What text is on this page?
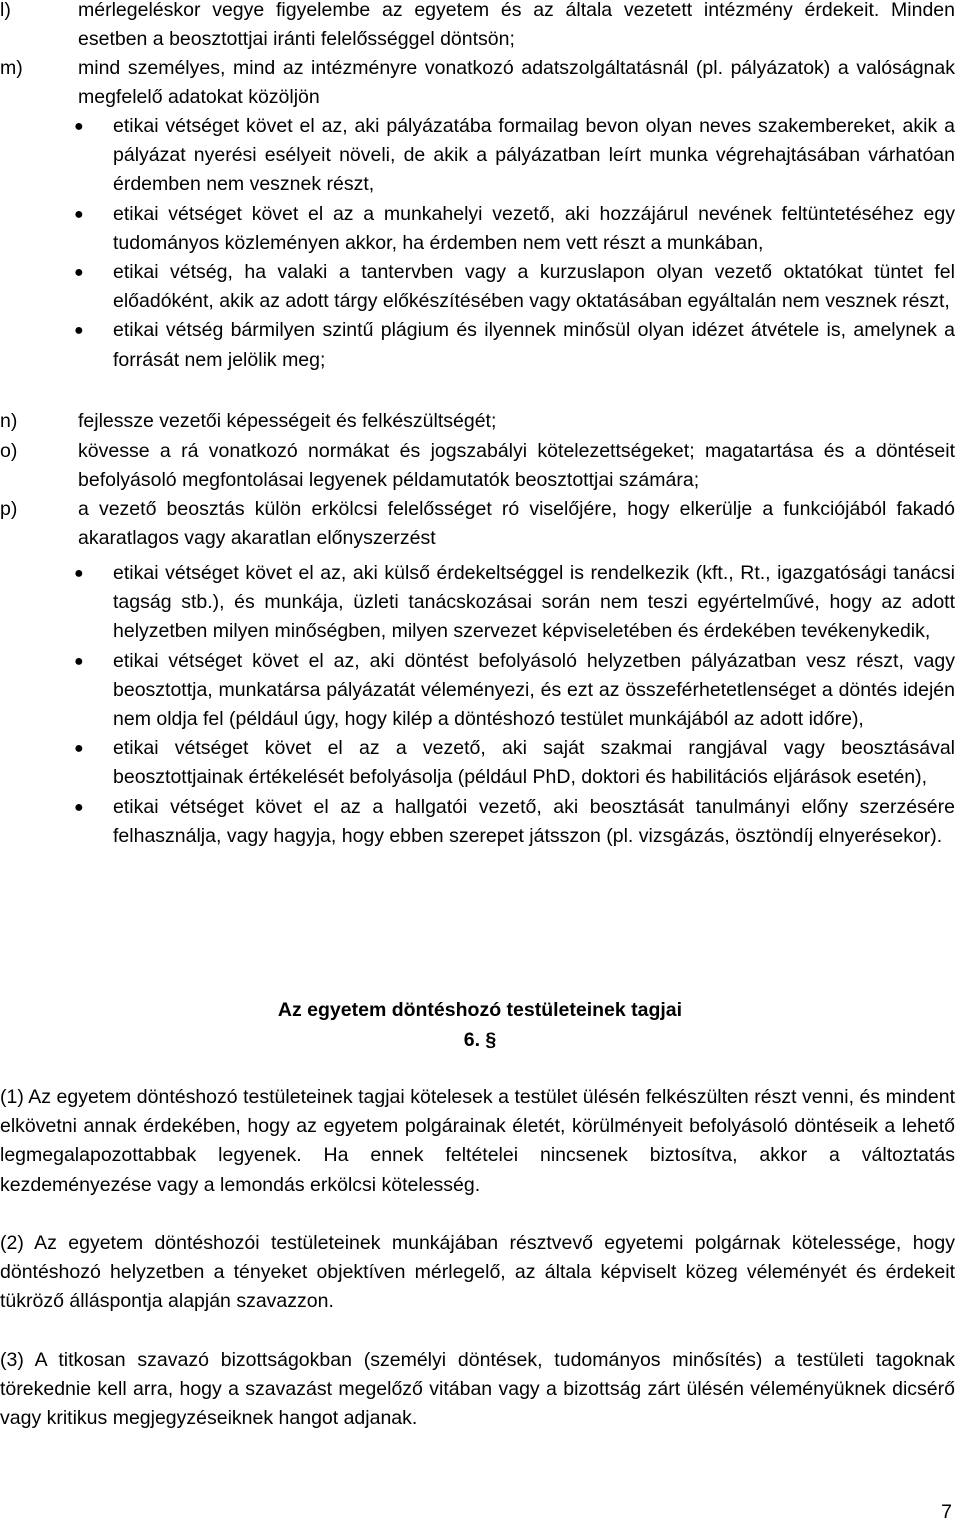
l)	mérlegeléskor vegye figyelembe az egyetem és az általa vezetett intézmény érdekeit. Minden esetben a beosztottjai iránti felelősséggel döntsön;
m)	mind személyes, mind az intézményre vonatkozó adatszolgáltatásnál (pl. pályázatok) a valóságnak megfelelő adatokat közöljön
● etikai vétséget követ el az, aki pályázatába formailag bevon olyan neves szakembereket, akik a pályázat nyerési esélyeit növeli, de akik a pályázatban leírt munka végrehajtásában várhatóan érdemben nem vesznek részt,
● etikai vétséget követ el az a munkahelyi vezető, aki hozzájárul nevének feltüntetéséhez egy tudományos közleményen akkor, ha érdemben nem vett részt a munkában,
● etikai vétség, ha valaki a tantervben vagy a kurzuslapon olyan vezető oktatókat tüntet fel előadóként, akik az adott tárgy előkészítésében vagy oktatásában egyáltalán nem vesznek részt,
● etikai vétség bármilyen szintű plágium és ilyennek minősül olyan idézet átvétele is, amelynek a forrását nem jelölik meg;
n)	fejlessze vezetői képességeit és felkészültségét;
o)	kövesse a rá vonatkozó normákat és jogszabályi kötelezettségeket; magatartása és a döntéseit befolyásoló megfontolásai legyenek példamutatók beosztottjai számára;
p)	a vezető beosztás külön erkölcsi felelősséget ró viselőjére, hogy elkerülje a funkciójából fakadó akaratlagos vagy akaratlan előnyszerzést
● etikai vétséget követ el az, aki külső érdekeltséggel is rendelkezik (kft., Rt., igazgatósági tanácsi tagság stb.), és munkája, üzleti tanácskozásai során nem teszi egyértelművé, hogy az adott helyzetben milyen minőségben, milyen szervezet képviseletében és érdekében tevékenykedik,
● etikai vétséget követ el az, aki döntést befolyásoló helyzetben pályázatban vesz részt, vagy beosztottja, munkatársa pályázatát véleményezi, és ezt az összeférhetetlenséget a döntés idején nem oldja fel (például úgy, hogy kilép a döntéshozó testület munkájából az adott időre),
● etikai vétséget követ el az a vezető, aki saját szakmai rangjával vagy beosztásával beosztottjainak értékelését befolyásolja (például PhD, doktori és habilitációs eljárások esetén),
● etikai vétséget követ el az a hallgatói vezető, aki beosztását tanulmányi előny szerzésére felhasználja, vagy hagyja, hogy ebben szerepet játsszon (pl. vizsgázás, ösztöndíj elnyerésekor).
Az egyetem döntéshozó testületeinek tagjai
6. §
(1) Az egyetem döntéshozó testületeinek tagjai kötelesek a testület ülésén felkészülten részt venni, és mindent elkövetni annak érdekében, hogy az egyetem polgárainak életét, körülményeit befolyásoló döntéseik a lehető legmegalapozottabbak legyenek. Ha ennek feltételei nincsenek biztosítva, akkor a változtatás kezdeményezése vagy a lemondás erkölcsi kötelesség.
(2) Az egyetem döntéshozói testületeinek munkájában résztvevő egyetemi polgárnak kötelessége, hogy döntéshozó helyzetben a tényeket objektíven mérlegelő, az általa képviselt közeg véleményét és érdekeit tükröző álláspontja alapján szavazzon.
(3) A titkosan szavazó bizottságokban (személyi döntések, tudományos minősítés) a testületi tagoknak törekednie kell arra, hogy a szavazást megelőző vitában vagy a bizottság zárt ülésén véleményüknek dicsérő vagy kritikus megjegyzéseiknek hangot adjanak.
7
